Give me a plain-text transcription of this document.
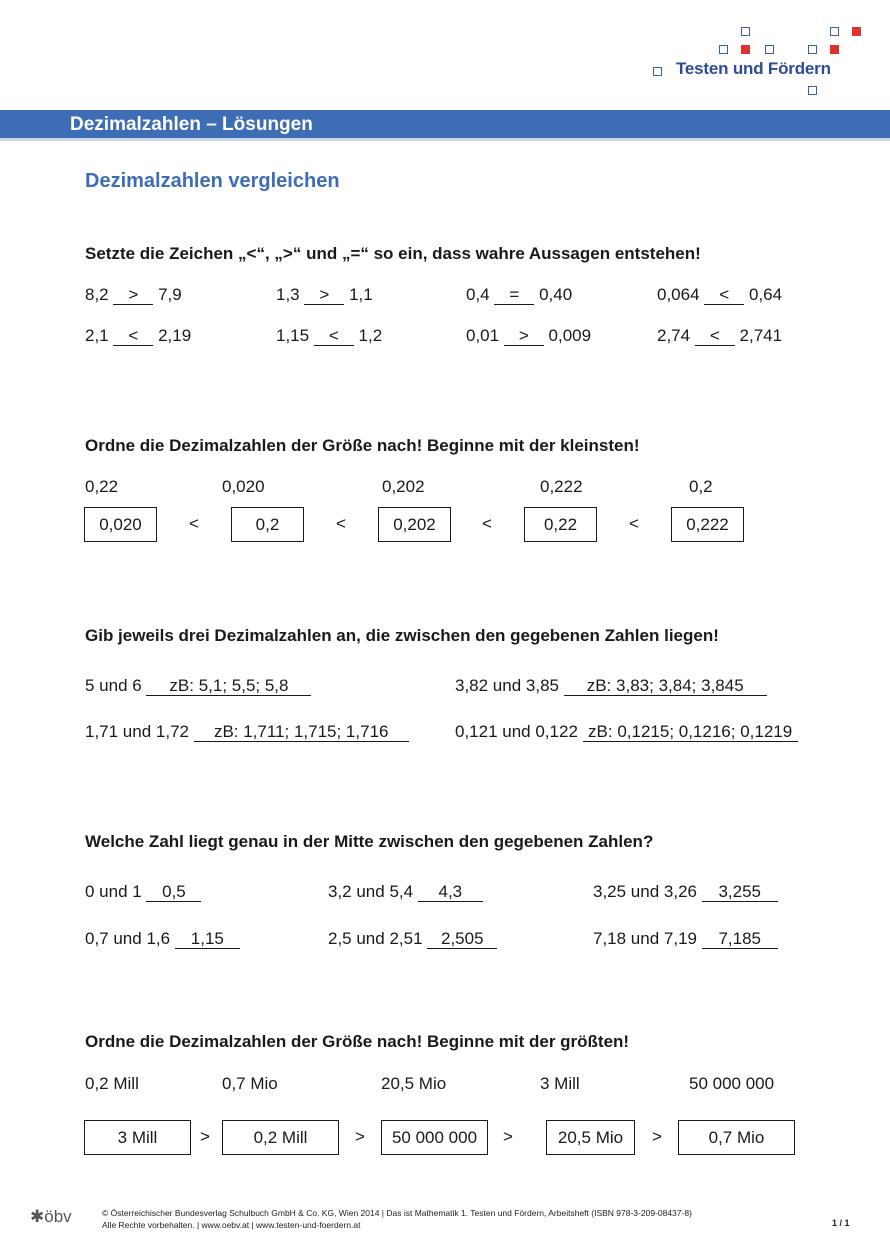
Testen und Fördern
Dezimalzahlen – Lösungen
Dezimalzahlen vergleichen
Setzte die Zeichen „<“, „>“ und „=“ so ein, dass wahre Aussagen entstehen!
8,2 > 7,9	1,3 > 1,1	0,4 = 0,40	0,064 < 0,64
2,1 < 2,19	1,15 < 1,2	0,01 > 0,009	2,74 < 2,741
Ordne die Dezimalzahlen der Größe nach! Beginne mit der kleinsten!
0,22	0,020	0,202	0,222	0,2
0,020	0,2	0,202	0,22	0,222
<	<	<	<
Gib jeweils drei Dezimalzahlen an, die zwischen den gegebenen Zahlen liegen!
5 und 6 zB: 5,1; 5,5; 5,8	3,82 und 3,85 zB: 3,83; 3,84; 3,845
1,71 und 1,72 zB: 1,711; 1,715; 1,716	0,121 und 0,122 zB: 0,1215; 0,1216; 0,1219
Welche Zahl liegt genau in der Mitte zwischen den gegebenen Zahlen?
0 und 1 0,5	3,2 und 5,4 4,3	3,25 und 3,26 3,255
0,7 und 1,6 1,15	2,5 und 2,51 2,505	7,18 und 7,19 7,185
Ordne die Dezimalzahlen der Größe nach! Beginne mit der größten!
0,2 Mill	0,7 Mio	20,5 Mio	3 Mill	50 000 000
3 Mill	0,2 Mill	50 000 000	20,5 Mio	0,7 Mio
>	>	>	>
✱öbv	© Österreichischer Bundesverlag Schulbuch GmbH & Co. KG, Wien 2014 | Das ist Mathematik 1. Testen und Fördern, Arbeitsheft (ISBN 978-3-209-08437-8)
Alle Rechte vorbehalten. | www.oebv.at | www.testen-und-foerdern.at	1 / 1
